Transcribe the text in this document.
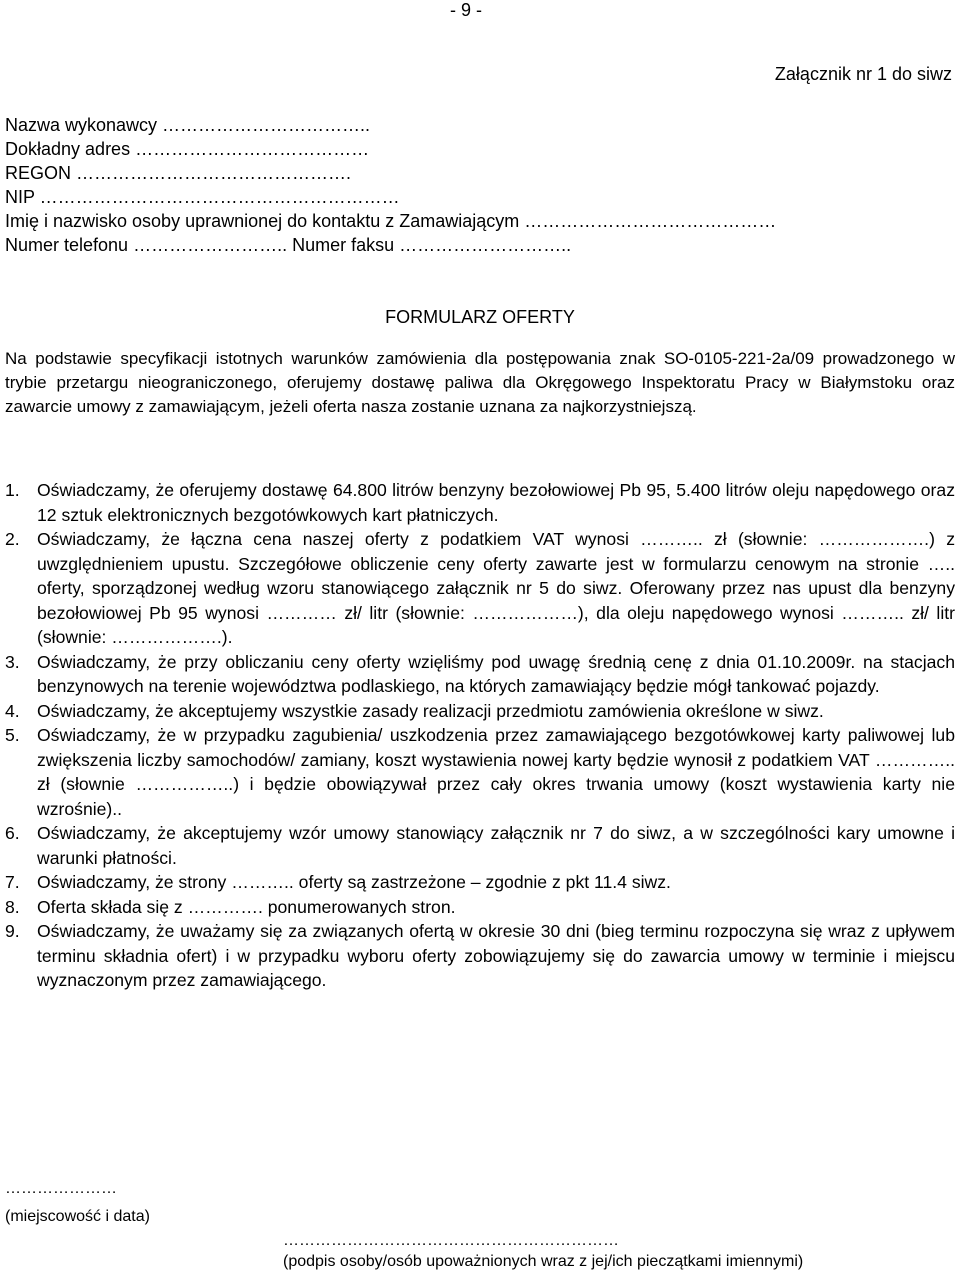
- 9 -
Załącznik nr 1 do siwz
Nazwa wykonawcy ……………………………..
Dokładny adres …………………………………
REGON ……………………………………….
NIP ……………………………………………………
Imię i nazwisko osoby uprawnionej do kontaktu z Zamawiającym ……………………………………
Numer telefonu …………………….. Numer faksu ………………………..
FORMULARZ OFERTY
Na podstawie specyfikacji istotnych warunków zamówienia dla postępowania znak SO-0105-221-2a/09 prowadzonego w trybie przetargu nieograniczonego, oferujemy dostawę paliwa dla Okręgowego Inspektoratu Pracy w Białymstoku oraz zawarcie umowy z zamawiającym, jeżeli oferta nasza zostanie uznana za najkorzystniejszą.
1. Oświadczamy, że oferujemy dostawę 64.800 litrów benzyny bezołowiowej Pb 95, 5.400 litrów oleju napędowego oraz 12 sztuk elektronicznych bezgotówkowych kart płatniczych.
2. Oświadczamy, że łączna cena naszej oferty z podatkiem VAT wynosi ……….. zł (słownie: ……………….) z uwzględnieniem upustu. Szczegółowe obliczenie ceny oferty zawarte jest w formularzu cenowym na stronie ….. oferty, sporządzonej według wzoru stanowiącego załącznik nr 5 do siwz. Oferowany przez nas upust dla benzyny bezołowiowej Pb 95 wynosi ………… zł/ litr (słownie: ………………), dla oleju napędowego wynosi ……….. zł/ litr (słownie: ……………….).
3. Oświadczamy, że przy obliczaniu ceny oferty wzięliśmy pod uwagę średnią cenę z dnia 01.10.2009r. na stacjach benzynowych na terenie województwa podlaskiego, na których zamawiający będzie mógł tankować pojazdy.
4. Oświadczamy, że akceptujemy wszystkie zasady realizacji przedmiotu zamówienia określone w siwz.
5. Oświadczamy, że w przypadku zagubienia/ uszkodzenia przez zamawiającego bezgotówkowej karty paliwowej lub zwiększenia liczby samochodów/ zamiany, koszt wystawienia nowej karty będzie wynosił z podatkiem VAT ………….. zł (słownie ……………..) i będzie obowiązywał przez cały okres trwania umowy (koszt wystawienia karty nie wzrośnie)..
6. Oświadczamy, że akceptujemy wzór umowy stanowiący załącznik nr 7 do siwz, a w szczególności kary umowne i warunki płatności.
7. Oświadczamy, że strony ……….. oferty są zastrzeżone – zgodnie z pkt 11.4 siwz.
8. Oferta składa się z …………. ponumerowanych stron.
9. Oświadczamy, że uważamy się za związanych ofertą w okresie 30 dni (bieg terminu rozpoczyna się wraz z upływem terminu składnia ofert) i w przypadku wyboru oferty zobowiązujemy się do zawarcia umowy w terminie i miejscu wyznaczonym przez zamawiającego.
…………………
(miejscowość i data)
………………………………………………………
(podpis osoby/osób upoważnionych wraz z jej/ich pieczątkami imiennymi)
